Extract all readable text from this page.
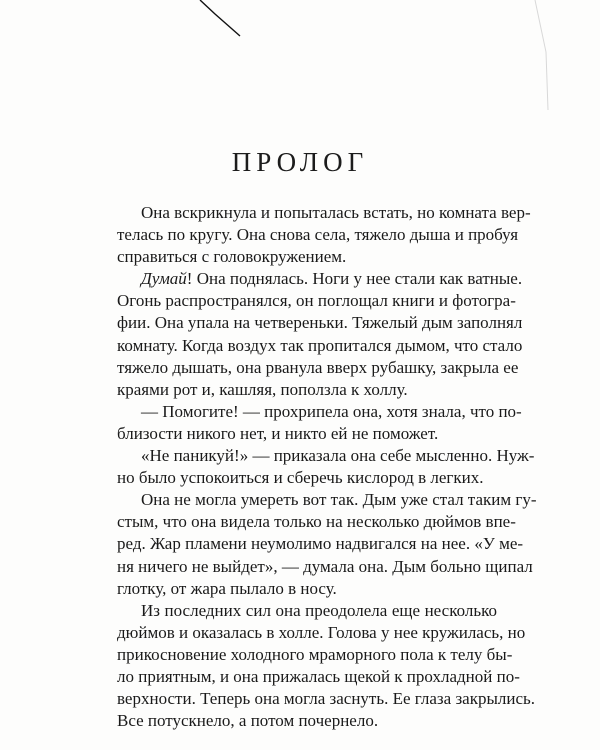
ПРОЛОГ
Она вскрикнула и попыталась встать, но комната вер-
телась по кругу. Она снова села, тяжело дыша и пробуя
справиться с головокружением.
Думай! Она поднялась. Ноги у нее стали как ватные.
Огонь распространялся, он поглощал книги и фотогра-
фии. Она упала на четвереньки. Тяжелый дым заполнял
комнату. Когда воздух так пропитался дымом, что стало
тяжело дышать, она рванула вверх рубашку, закрыла ее
краями рот и, кашляя, поползла к холлу.
— Помогите! — прохрипела она, хотя знала, что по-
близости никого нет, и никто ей не поможет.
«Не паникуй!» — приказала она себе мысленно. Нуж-
но было успокоиться и сберечь кислород в легких.
Она не могла умереть вот так. Дым уже стал таким гу-
стым, что она видела только на несколько дюймов впе-
ред. Жар пламени неумолимо надвигался на нее. «У ме-
ня ничего не выйдет», — думала она. Дым больно щипал
глотку, от жара пылало в носу.
Из последних сил она преодолела еще несколько
дюймов и оказалась в холле. Голова у нее кружилась, но
прикосновение холодного мраморного пола к телу бы-
ло приятным, и она прижалась щекой к прохладной по-
верхности. Теперь она могла заснуть. Ее глаза закрылись.
Все потускнело, а потом почернело.
